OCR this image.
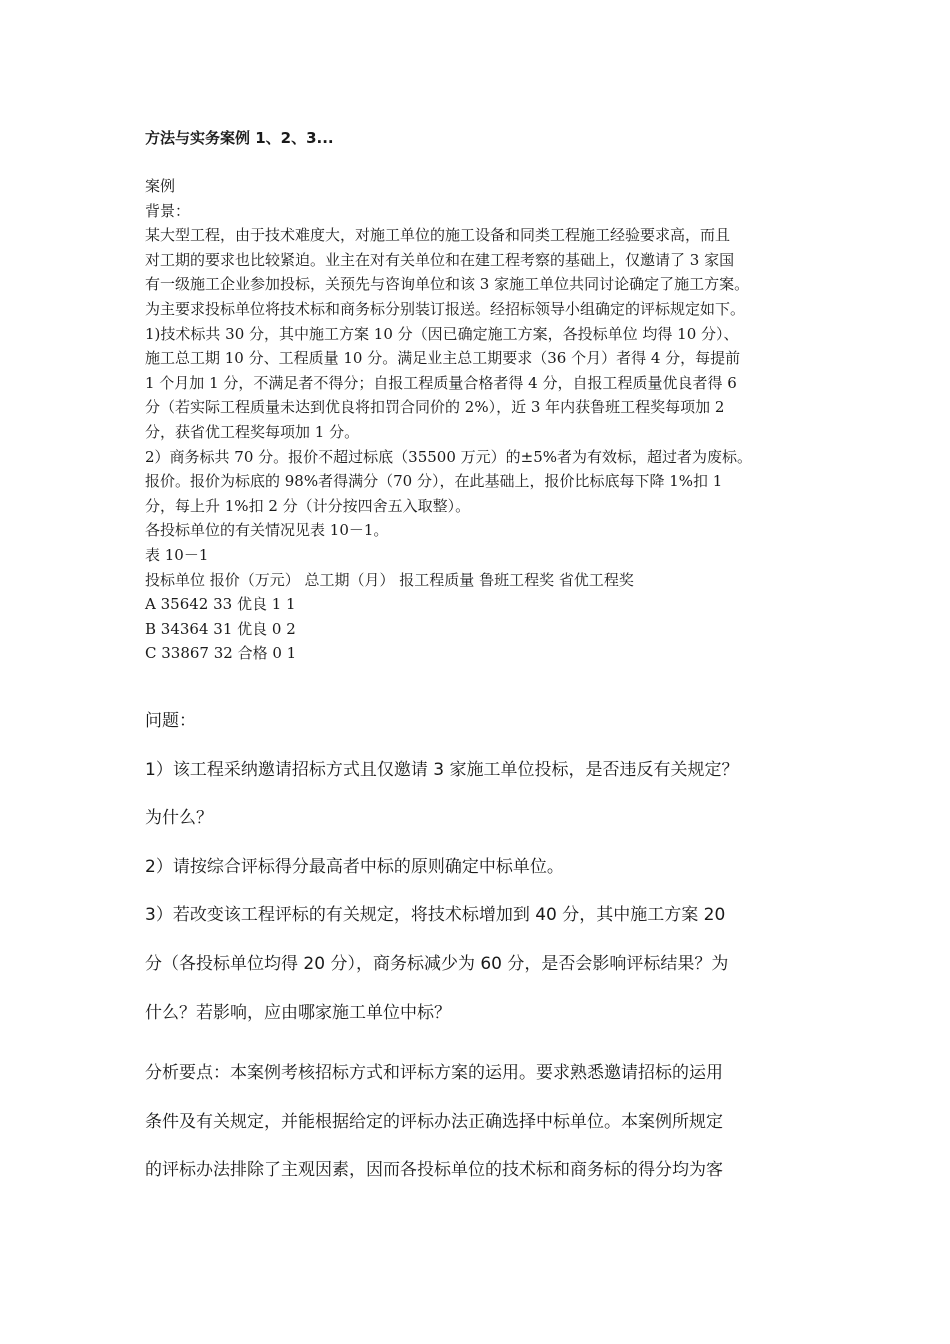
方法与实务案例 1、2、3...
案例
背景：
某大型工程，由于技术难度大，对施工单位的施工设备和同类工程施工经验要求高，而且
对工期的要求也比较紧迫。业主在对有关单位和在建工程考察的基础上，仅邀请了 3 家国
有一级施工企业参加投标，关预先与咨询单位和该 3 家施工单位共同讨论确定了施工方案。
为主要求投标单位将技术标和商务标分别装订报送。经招标领导小组确定的评标规定如下。
1)技术标共 30 分，其中施工方案 10 分（因已确定施工方案，各投标单位 均得 10 分）、
施工总工期 10 分、工程质量 10 分。满足业主总工期要求（36 个月）者得 4 分，每提前
1 个月加 1 分，不满足者不得分；自报工程质量合格者得 4 分，自报工程质量优良者得 6
分（若实际工程质量未达到优良将扣罚合同价的 2%），近 3 年内获鲁班工程奖每项加 2
分，获省优工程奖每项加 1 分。
2）商务标共 70 分。报价不超过标底（35500 万元）的±5%者为有效标，超过者为废标。
报价。报价为标底的 98%者得满分（70 分），在此基础上，报价比标底每下降 1%扣 1
分，每上升 1%扣 2 分（计分按四舍五入取整）。
各投标单位的有关情况见表 10－1。
表 10－1
投标单位 报价（万元） 总工期（月） 报工程质量 鲁班工程奖 省优工程奖
A 35642 33 优良 1 1
B 34364 31 优良 0 2
C 33867 32 合格 0 1
问题：
1）该工程采纳邀请招标方式且仅邀请 3 家施工单位投标，是否违反有关规定？
为什么？
2）请按综合评标得分最高者中标的原则确定中标单位。
3）若改变该工程评标的有关规定，将技术标增加到 40 分，其中施工方案 20
分（各投标单位均得 20 分），商务标减少为 60 分，是否会影响评标结果？为
什么？若影响，应由哪家施工单位中标？
分析要点：本案例考核招标方式和评标方案的运用。要求熟悉邀请招标的运用
条件及有关规定，并能根据给定的评标办法正确选择中标单位。本案例所规定
的评标办法排除了主观因素，因而各投标单位的技术标和商务标的得分均为客
